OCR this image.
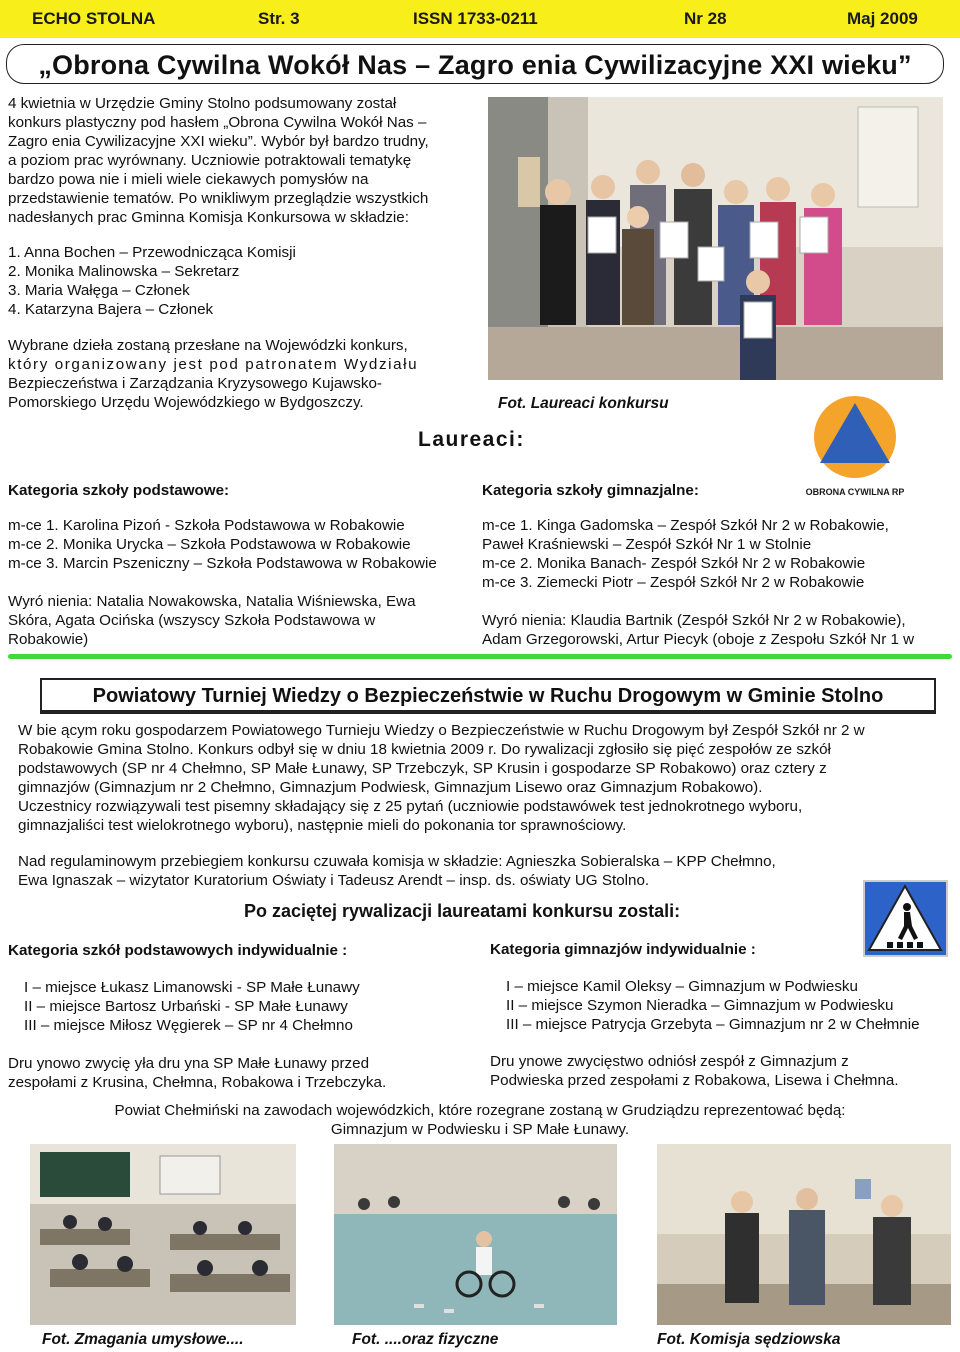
ECHO STOLNA	Str. 3	ISSN 1733-0211	Nr 28	Maj 2009
„Obrona Cywilna Wokół Nas – Zagro enia Cywilizacyjne XXI wieku”
4 kwietnia w Urzędzie Gminy Stolno podsumowany został
konkurs plastyczny pod hasłem „Obrona Cywilna Wokół Nas –
Zagro enia Cywilizacyjne XXI wieku”. Wybór był bardzo trudny,
a poziom prac wyrównany. Uczniowie potraktowali tematykę
bardzo powa nie i mieli wiele ciekawych pomysłów na
przedstawienie tematów. Po wnikliwym przeglądzie wszystkich
nadesłanych prac Gminna Komisja Konkursowa w składzie:
1. Anna Bochen – Przewodnicząca Komisji
2. Monika Malinowska – Sekretarz
3. Maria Wałęga – Członek
4. Katarzyna Bajera – Członek
Wybrane dzieła zostaną przesłane na Wojewódzki konkurs,
który organizowany jest pod patronatem Wydziału
Bezpieczeństwa i Zarządzania Kryzysowego Kujawsko-
Pomorskiego Urzędu Wojewódzkiego w Bydgoszczy.	Fot. Laureaci konkursu
Laureaci:
OBRONA CYWILNA RP
Kategoria szkoły podstawowe:
m-ce 1. Karolina Pizoń - Szkoła Podstawowa w Robakowie
m-ce 2. Monika Urycka – Szkoła Podstawowa w Robakowie
m-ce 3. Marcin Pszeniczny – Szkoła Podstawowa w Robakowie
Wyró nienia: Natalia Nowakowska, Natalia Wiśniewska, Ewa
Skóra, Agata Ocińska (wszyscy Szkoła Podstawowa w
Robakowie)
Kategoria szkoły gimnazjalne:
m-ce 1. Kinga Gadomska – Zespół Szkół Nr 2 w Robakowie,
Paweł Kraśniewski – Zespół Szkół Nr 1 w Stolnie
m-ce 2. Monika Banach- Zespół Szkół Nr 2 w Robakowie
m-ce 3. Ziemecki Piotr – Zespół Szkół Nr 2 w Robakowie
Wyró nienia: Klaudia Bartnik (Zespół Szkół Nr 2 w Robakowie),
Adam Grzegorowski, Artur Piecyk (oboje z Zespołu Szkół Nr 1 w
Powiatowy Turniej Wiedzy o Bezpieczeństwie w Ruchu Drogowym w Gminie Stolno
W bie ącym roku gospodarzem Powiatowego Turnieju Wiedzy o Bezpieczeństwie w Ruchu Drogowym był Zespół Szkół nr 2 w
Robakowie Gmina Stolno. Konkurs odbył się w dniu 18 kwietnia 2009 r. Do rywalizacji zgłosiło się pięć zespołów ze szkół
podstawowych (SP nr 4 Chełmno, SP Małe Łunawy, SP Trzebczyk, SP Krusin i gospodarze SP Robakowo) oraz cztery z
gimnazjów (Gimnazjum nr 2 Chełmno, Gimnazjum Podwiesk, Gimnazjum Lisewo oraz Gimnazjum Robakowo).
Uczestnicy rozwiązywali test pisemny składający się z 25 pytań (uczniowie podstawówek test jednokrotnego wyboru,
gimnazjaliści test wielokrotnego wyboru), następnie mieli do pokonania tor sprawnościowy.
Nad regulaminowym przebiegiem konkursu czuwała komisja w składzie: Agnieszka Sobieralska – KPP Chełmno,
Ewa Ignaszak – wizytator Kuratorium Oświaty i Tadeusz Arendt – insp. ds. oświaty UG Stolno.
Po zaciętej rywalizacji laureatami konkursu zostali:
Kategoria szkół podstawowych indywidualnie :
I – miejsce Łukasz Limanowski - SP Małe Łunawy
II – miejsce Bartosz Urbański - SP Małe Łunawy
III – miejsce Miłosz Węgierek – SP nr 4 Chełmno
Dru ynowo zwycię yła dru yna SP Małe Łunawy przed
zespołami z Krusina, Chełmna, Robakowa i Trzebczyka.
Kategoria gimnazjów indywidualnie :
I – miejsce Kamil Oleksy – Gimnazjum w Podwiesku
II – miejsce Szymon Nieradka – Gimnazjum w Podwiesku
III – miejsce Patrycja Grzebyta – Gimnazjum nr 2 w Chełmnie
Dru ynowe zwycięstwo odniósł zespół z Gimnazjum z
Podwieska przed zespołami z Robakowa, Lisewa i Chełmna.
Powiat Chełmiński na zawodach wojewódzkich, które rozegrane zostaną w Grudziądzu reprezentować będą:
Gimnazjum w Podwiesku i SP Małe Łunawy.
Fot. Zmagania umysłowe....	Fot. ....oraz fizyczne	Fot. Komisja sędziowska
